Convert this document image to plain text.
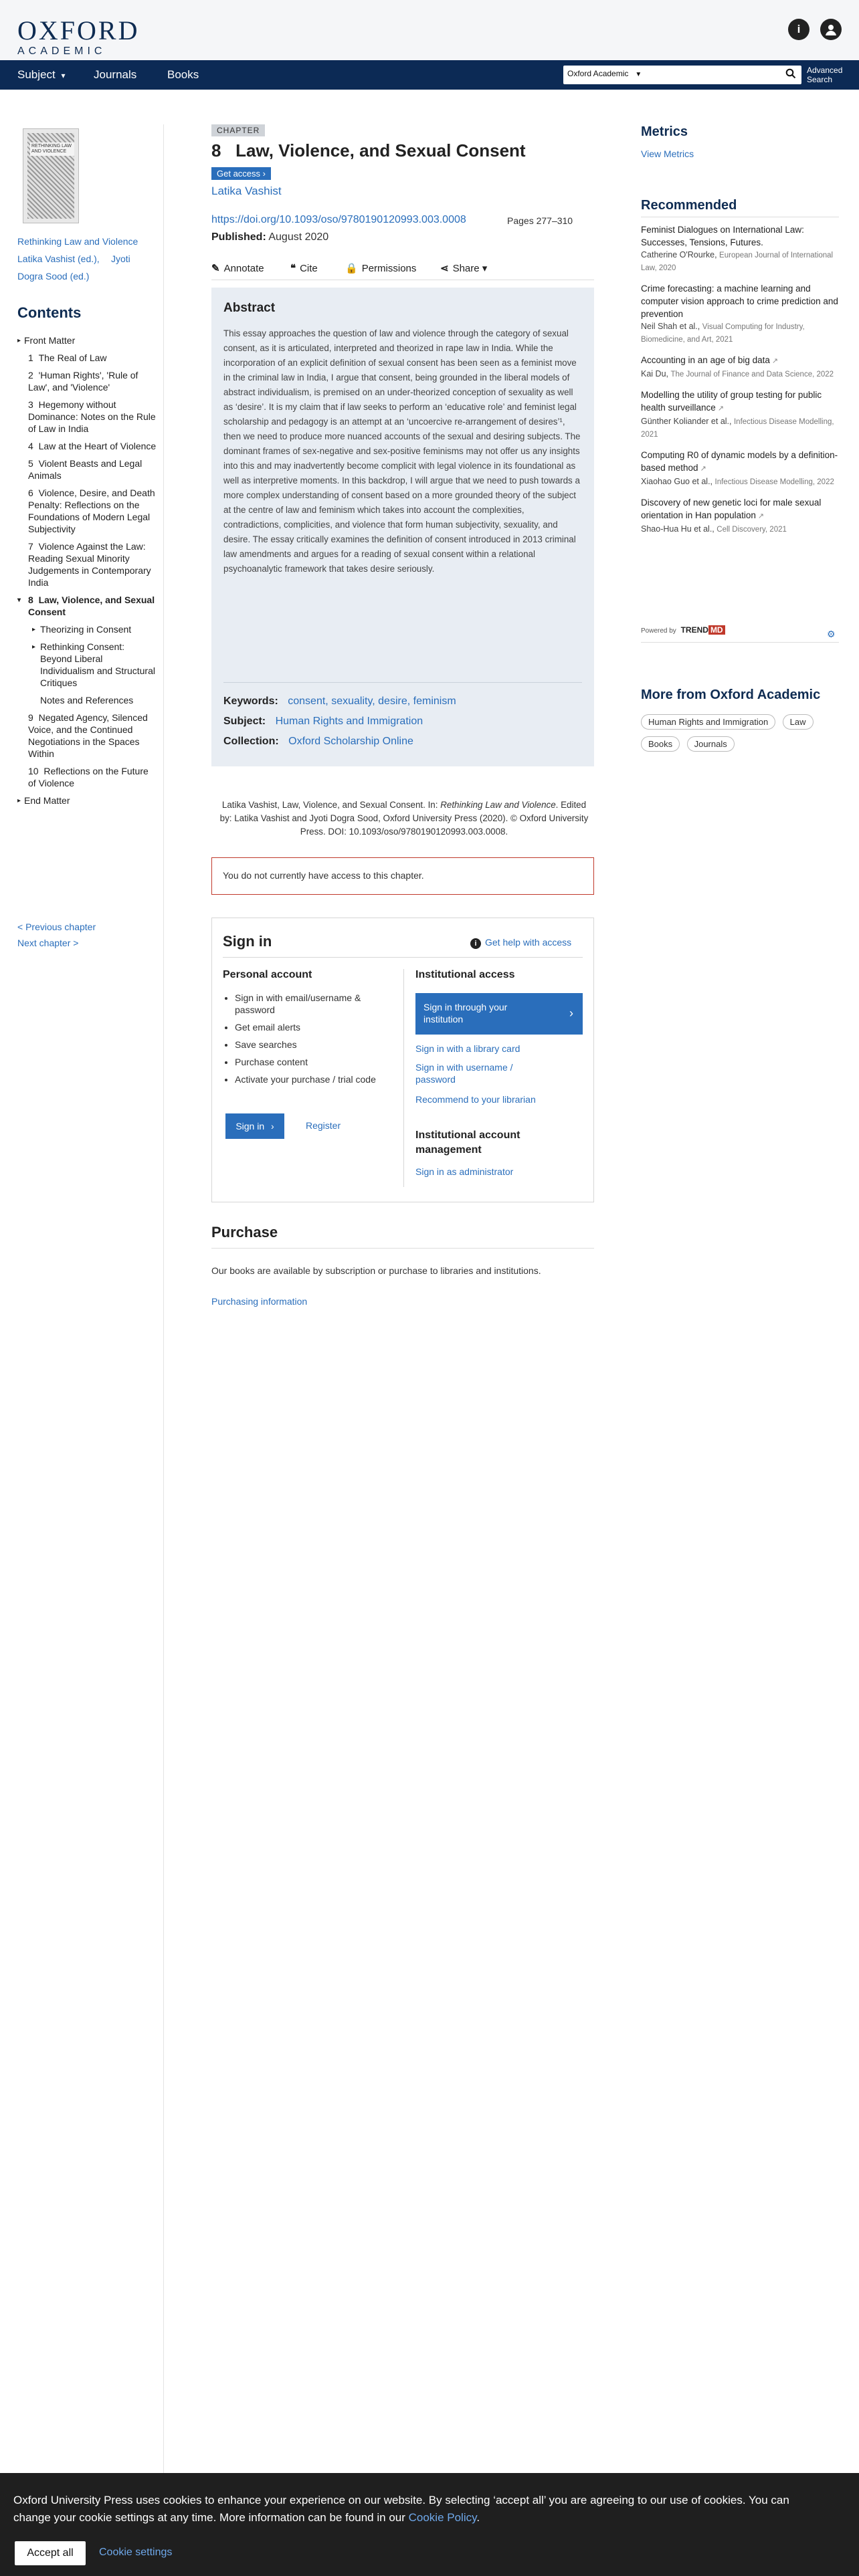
OXFORD
ACADEMIC
i
Subject ▾	Journals	Books	Oxford Academic ▼	Advanced
Search
RETHINKING LAW AND VIOLENCE
Rethinking Law and Violence
Latika Vashist (ed.), Jyoti
Dogra Sood (ed.)
Contents
▸ Front Matter
1 The Real of Law
2 'Human Rights', 'Rule of Law', and 'Violence'
3 Hegemony without Dominance: Notes on the Rule of Law in India
4 Law at the Heart of Violence
5 Violent Beasts and Legal Animals
6 Violence, Desire, and Death Penalty: Reflections on the Foundations of Modern Legal Subjectivity
7 Violence Against the Law: Reading Sexual Minority Judgements in Contemporary India
▾ 8 Law, Violence, and Sexual Consent
▸ Theorizing in Consent
▸ Rethinking Consent: Beyond Liberal Individualism and Structural Critiques
Notes and References
9 Negated Agency, Silenced Voice, and the Continued Negotiations in the Spaces Within
10 Reflections on the Future of Violence
▸ End Matter
< Previous chapter
Next chapter >
CHAPTER
8   Law, Violence, and Sexual Consent
Get access ›
Latika Vashist
https://doi.org/10.1093/oso/9780190120993.003.0008	Pages 277–310
Published: August 2020
✎ Annotate	❝ Cite	🔒 Permissions ⋖ Share ▾
Abstract
This essay approaches the question of law and violence through the category of sexual consent, as it is articulated, interpreted and theorized in rape law in India. While the incorporation of an explicit definition of sexual consent has been seen as a feminist move in the criminal law in India, I argue that consent, being grounded in the liberal models of abstract individualism, is premised on an under-theorized conception of sexuality as well as ‘desire’. It is my claim that if law seeks to perform an ‘educative role’ and feminist legal scholarship and pedagogy is an attempt at an ‘uncoercive re-arrangement of desires’¹, then we need to produce more nuanced accounts of the sexual and desiring subjects. The dominant frames of sex-negative and sex-positive feminisms may not offer us any insights into this and may inadvertently become complicit with legal violence in its foundational as well as interpretive moments. In this backdrop, I will argue that we need to push towards a more complex understanding of consent based on a more grounded theory of the subject at the centre of law and feminism which takes into account the complexities, contradictions, complicities, and violence that form human subjectivity, sexuality, and desire. The essay critically examines the definition of consent introduced in 2013 criminal law amendments and argues for a reading of sexual consent within a relational psychoanalytic framework that takes desire seriously.
Keywords: consent, sexuality, desire, feminism
Subject: Human Rights and Immigration
Collection: Oxford Scholarship Online
Latika Vashist, Law, Violence, and Sexual Consent. In: Rethinking Law and Violence. Edited by: Latika Vashist and Jyoti Dogra Sood, Oxford University Press (2020). © Oxford University Press. DOI: 10.1093/oso/9780190120993.003.0008.
You do not currently have access to this chapter.
Sign in	i Get help with access
Personal account
• Sign in with email/username & password
• Get email alerts
• Save searches
• Purchase content
• Activate your purchase / trial code
Sign in ›	Register
Institutional access
Sign in through your institution	›
Sign in with a library card
Sign in with username / password
Recommend to your librarian
Institutional account management
Sign in as administrator
Purchase
Our books are available by subscription or purchase to libraries and institutions.
Purchasing information
Metrics
View Metrics
Recommended
Feminist Dialogues on International Law: Successes, Tensions, Futures.
Catherine O'Rourke, European Journal of International Law, 2020
Crime forecasting: a machine learning and computer vision approach to crime prediction and prevention
Neil Shah et al., Visual Computing for Industry, Biomedicine, and Art, 2021
Accounting in an age of big data ↗
Kai Du, The Journal of Finance and Data Science, 2022
Modelling the utility of group testing for public health surveillance ↗
Günther Koliander et al., Infectious Disease Modelling, 2021
Computing R0 of dynamic models by a definition-based method ↗
Xiaohao Guo et al., Infectious Disease Modelling, 2022
Discovery of new genetic loci for male sexual orientation in Han population ↗
Shao-Hua Hu et al., Cell Discovery, 2021
Powered by TREND MD	⚙
More from Oxford Academic
Human Rights and Immigration Law Books Journals
Oxford University Press uses cookies to enhance your experience on our website. By selecting ‘accept all’ you are agreeing to our use of cookies. You can change your cookie settings at any time. More information can be found in our Cookie Policy.
Accept all	Cookie settings
